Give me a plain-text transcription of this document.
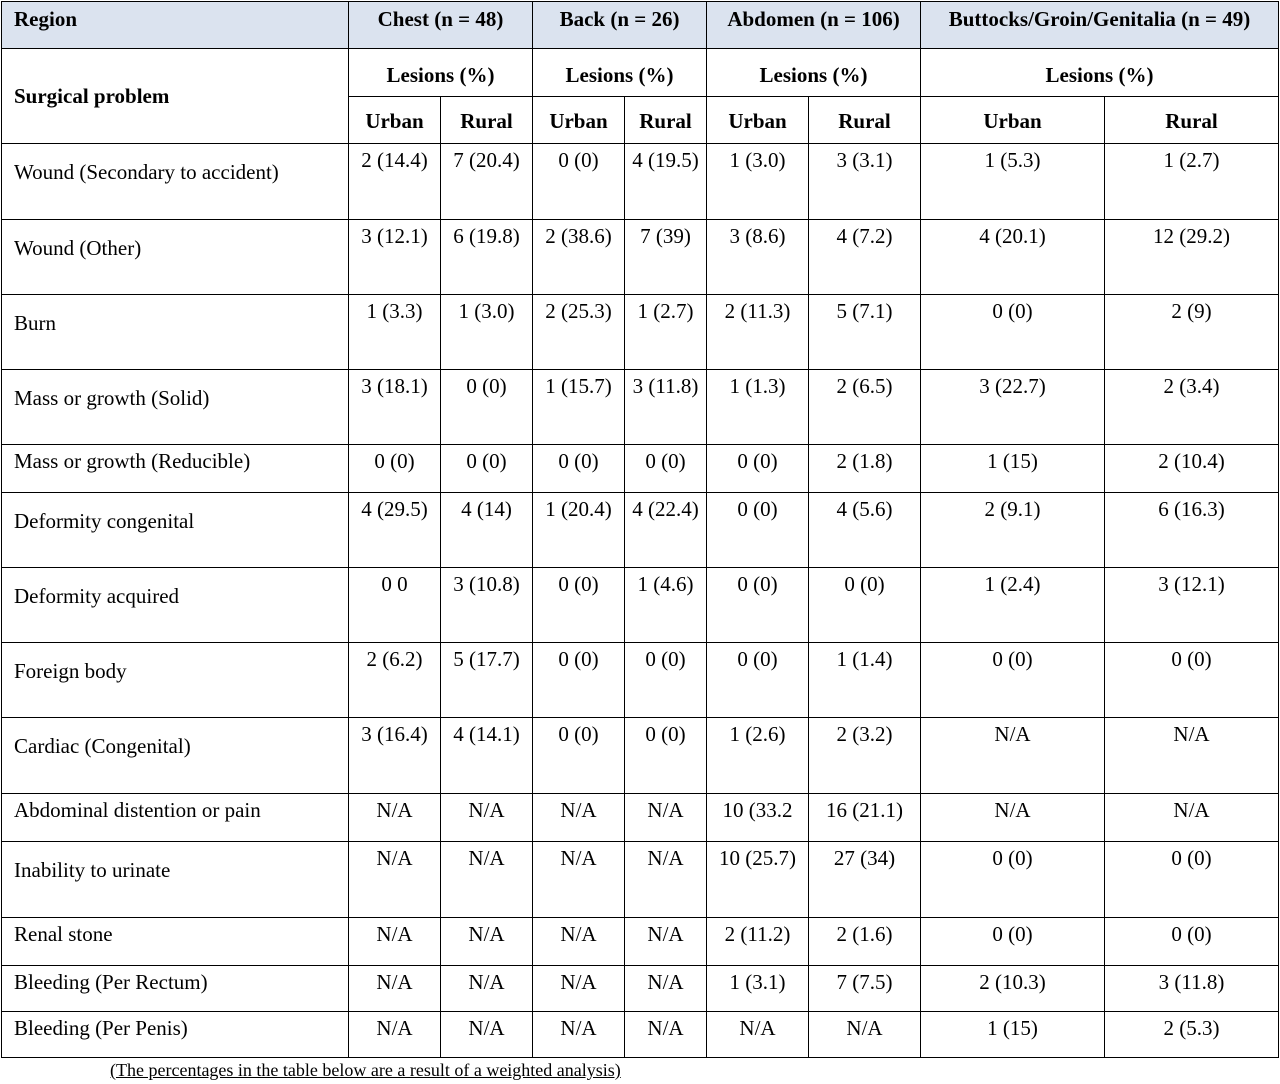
Region	Chest (n = 48)		Back (n = 26)		Abdomen (n = 106)		Buttocks/Groin/Genitalia (n = 49)	
Surgical problem	Lesions (%)		Lesions (%)		Lesions (%)		Lesions (%)	
	Urban	Rural	Urban	Rural	Urban	Rural	Urban	Rural
Wound (Secondary to accident)	2 (14.4)	7 (20.4)	0 (0)	4 (19.5)	1 (3.0)	3 (3.1)	1 (5.3)	1 (2.7)
Wound (Other)	3 (12.1)	6 (19.8)	2 (38.6)	7 (39)	3 (8.6)	4 (7.2)	4 (20.1)	12 (29.2)
Burn	1 (3.3)	1 (3.0)	2 (25.3)	1 (2.7)	2 (11.3)	5 (7.1)	0 (0)	2 (9)
Mass or growth (Solid)	3 (18.1)	0 (0)	1 (15.7)	3 (11.8)	1 (1.3)	2 (6.5)	3 (22.7)	2 (3.4)
Mass or growth (Reducible)	0 (0)	0 (0)	0 (0)	0 (0)	0 (0)	2 (1.8)	1 (15)	2 (10.4)
Deformity congenital	4 (29.5)	4 (14)	1 (20.4)	4 (22.4)	0 (0)	4 (5.6)	2 (9.1)	6 (16.3)
Deformity acquired	0 0	3 (10.8)	0 (0)	1 (4.6)	0 (0)	0 (0)	1 (2.4)	3 (12.1)
Foreign body	2 (6.2)	5 (17.7)	0 (0)	0 (0)	0 (0)	1 (1.4)	0 (0)	0 (0)
Cardiac (Congenital)	3 (16.4)	4 (14.1)	0 (0)	0 (0)	1 (2.6)	2 (3.2)	N/A	N/A
Abdominal distention or pain	N/A	N/A	N/A	N/A	10 (33.2	16 (21.1)	N/A	N/A
Inability to urinate	N/A	N/A	N/A	N/A	10 (25.7)	27 (34)	0 (0)	0 (0)
Renal stone	N/A	N/A	N/A	N/A	2 (11.2)	2 (1.6)	0 (0)	0 (0)
Bleeding (Per Rectum)	N/A	N/A	N/A	N/A	1 (3.1)	7 (7.5)	2 (10.3)	3 (11.8)
Bleeding (Per Penis)	N/A	N/A	N/A	N/A	N/A	N/A	1 (15)	2 (5.3)
(The percentages in the table below are a result of a weighted analysis)
